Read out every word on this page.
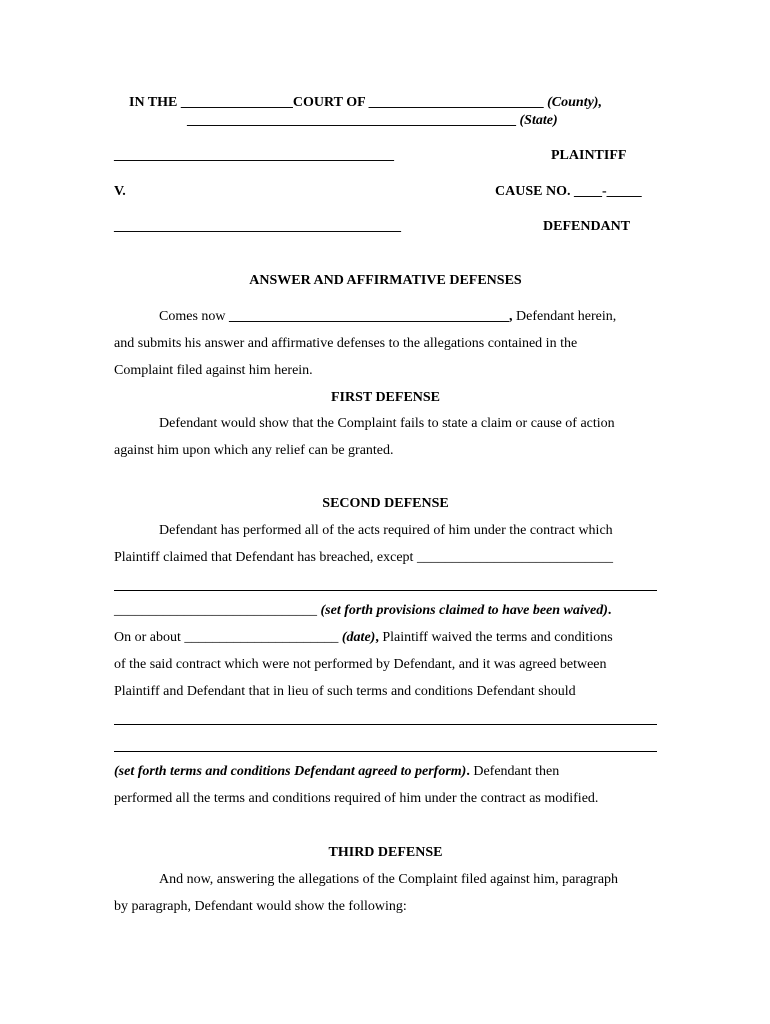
IN THE ________________COURT OF _________________________ (County),
_______________________________________________ (State)
________________________________________	PLAINTIFF
V.	CAUSE NO. ____-_____
_________________________________________	DEFENDANT
ANSWER AND AFFIRMATIVE DEFENSES
Comes now ________________________________________, Defendant herein,
and submits his answer and affirmative defenses to the allegations contained in the
Complaint filed against him herein.
FIRST DEFENSE
Defendant would show that the Complaint fails to state a claim or cause of action
against him upon which any relief can be granted.
SECOND DEFENSE
Defendant has performed all of the acts required of him under the contract which
Plaintiff claimed that Defendant has breached, except ____________________________
_____________________________ (set forth provisions claimed to have been waived).
On or about ______________________ (date), Plaintiff waived the terms and conditions
of the said contract which were not performed by Defendant, and it was agreed between
Plaintiff and Defendant that in lieu of such terms and conditions Defendant should
(set forth terms and conditions Defendant agreed to perform). Defendant then
performed all the terms and conditions required of him under the contract as modified.
THIRD DEFENSE
And now, answering the allegations of the Complaint filed against him, paragraph
by paragraph, Defendant would show the following:
